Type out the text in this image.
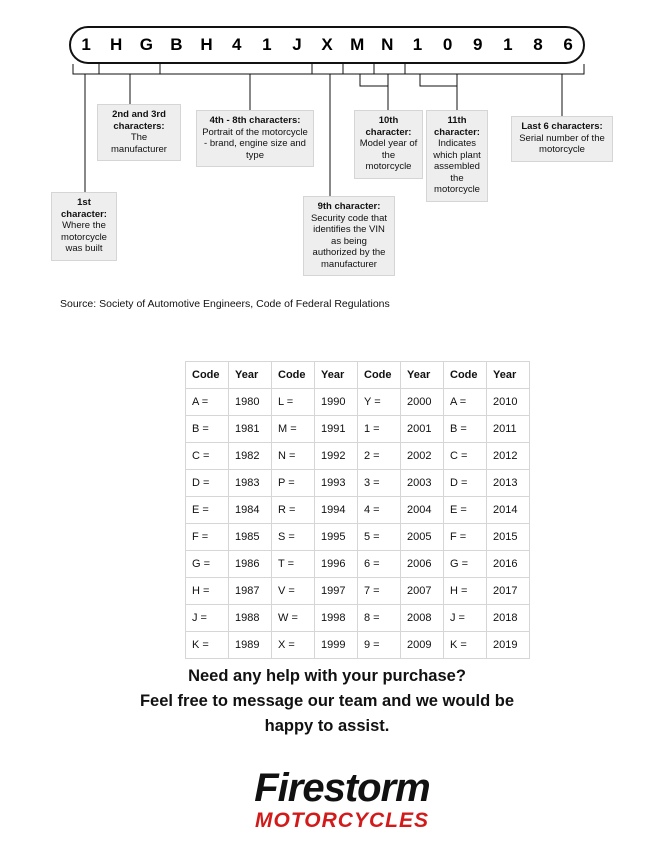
1	H	G	B	H	4	1	J	X	M N	1	0	9	1	8	6
1st character:
Where the motorcycle was built
2nd and 3rd characters:
The manufacturer
4th - 8th characters:
Portrait of the motorcycle - brand, engine size and type
9th character:
Security code that identifies the VIN as being authorized by the manufacturer
10th character:
Model year of the motorcycle
11th character:
Indicates which plant assembled the motorcycle
Last 6 characters:
Serial number of the motorcycle
Source: Society of Automotive Engineers, Code of Federal Regulations
Code	Year	Code	Year	Code	Year	Code	Year
A =	1980	L =	1990	Y =	2000	A =	2010
B =	1981	M =	1991	1 =	2001	B =	2011
C =	1982	N =	1992	2 =	2002	C =	2012
D =	1983	P =	1993	3 =	2003	D =	2013
E =	1984	R =	1994	4 =	2004	E =	2014
F =	1985	S =	1995	5 =	2005	F =	2015
G =	1986	T =	1996	6 =	2006	G =	2016
H =	1987	V =	1997	7 =	2007	H =	2017
J =	1988	W =	1998	8 =	2008	J =	2018
K =	1989	X =	1999	9 =	2009	K =	2019
Need any help with your purchase?
Feel free to message our team and we would be
happy to assist.
Firestorm
MOTORCYCLES
